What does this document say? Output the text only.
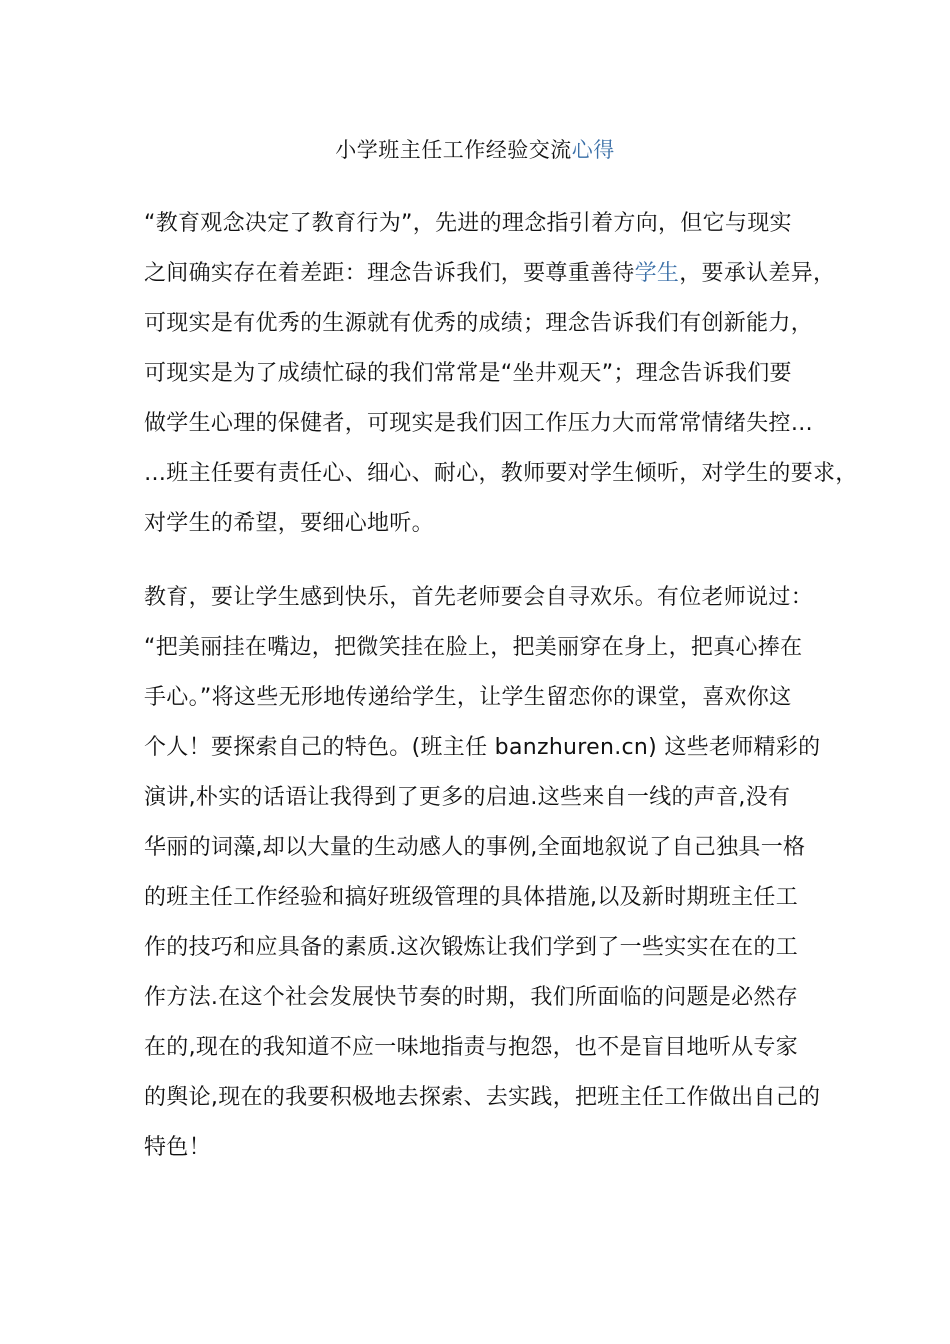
小学班主任工作经验交流心得
“教育观念决定了教育行为”，先进的理念指引着方向，但它与现实
之间确实存在着差距：理念告诉我们，要尊重善待学生，要承认差异，
可现实是有优秀的生源就有优秀的成绩；理念告诉我们有创新能力，
可现实是为了成绩忙碌的我们常常是“坐井观天”；理念告诉我们要
做学生心理的保健者，可现实是我们因工作压力大而常常情绪失控…
…班主任要有责任心、细心、耐心，教师要对学生倾听，对学生的要求，
对学生的希望，要细心地听。
教育，要让学生感到快乐，首先老师要会自寻欢乐。有位老师说过：
“把美丽挂在嘴边，把微笑挂在脸上，把美丽穿在身上，把真心捧在
手心。”将这些无形地传递给学生，让学生留恋你的课堂，喜欢你这
个人！要探索自己的特色。(班主任 banzhuren.cn) 这些老师精彩的
演讲,朴实的话语让我得到了更多的启迪.这些来自一线的声音,没有
华丽的词藻,却以大量的生动感人的事例,全面地叙说了自己独具一格
的班主任工作经验和搞好班级管理的具体措施,以及新时期班主任工
作的技巧和应具备的素质.这次锻炼让我们学到了一些实实在在的工
作方法.在这个社会发展快节奏的时期，我们所面临的问题是必然存
在的,现在的我知道不应一味地指责与抱怨，也不是盲目地听从专家
的舆论,现在的我要积极地去探索、去实践，把班主任工作做出自己的
特色！
